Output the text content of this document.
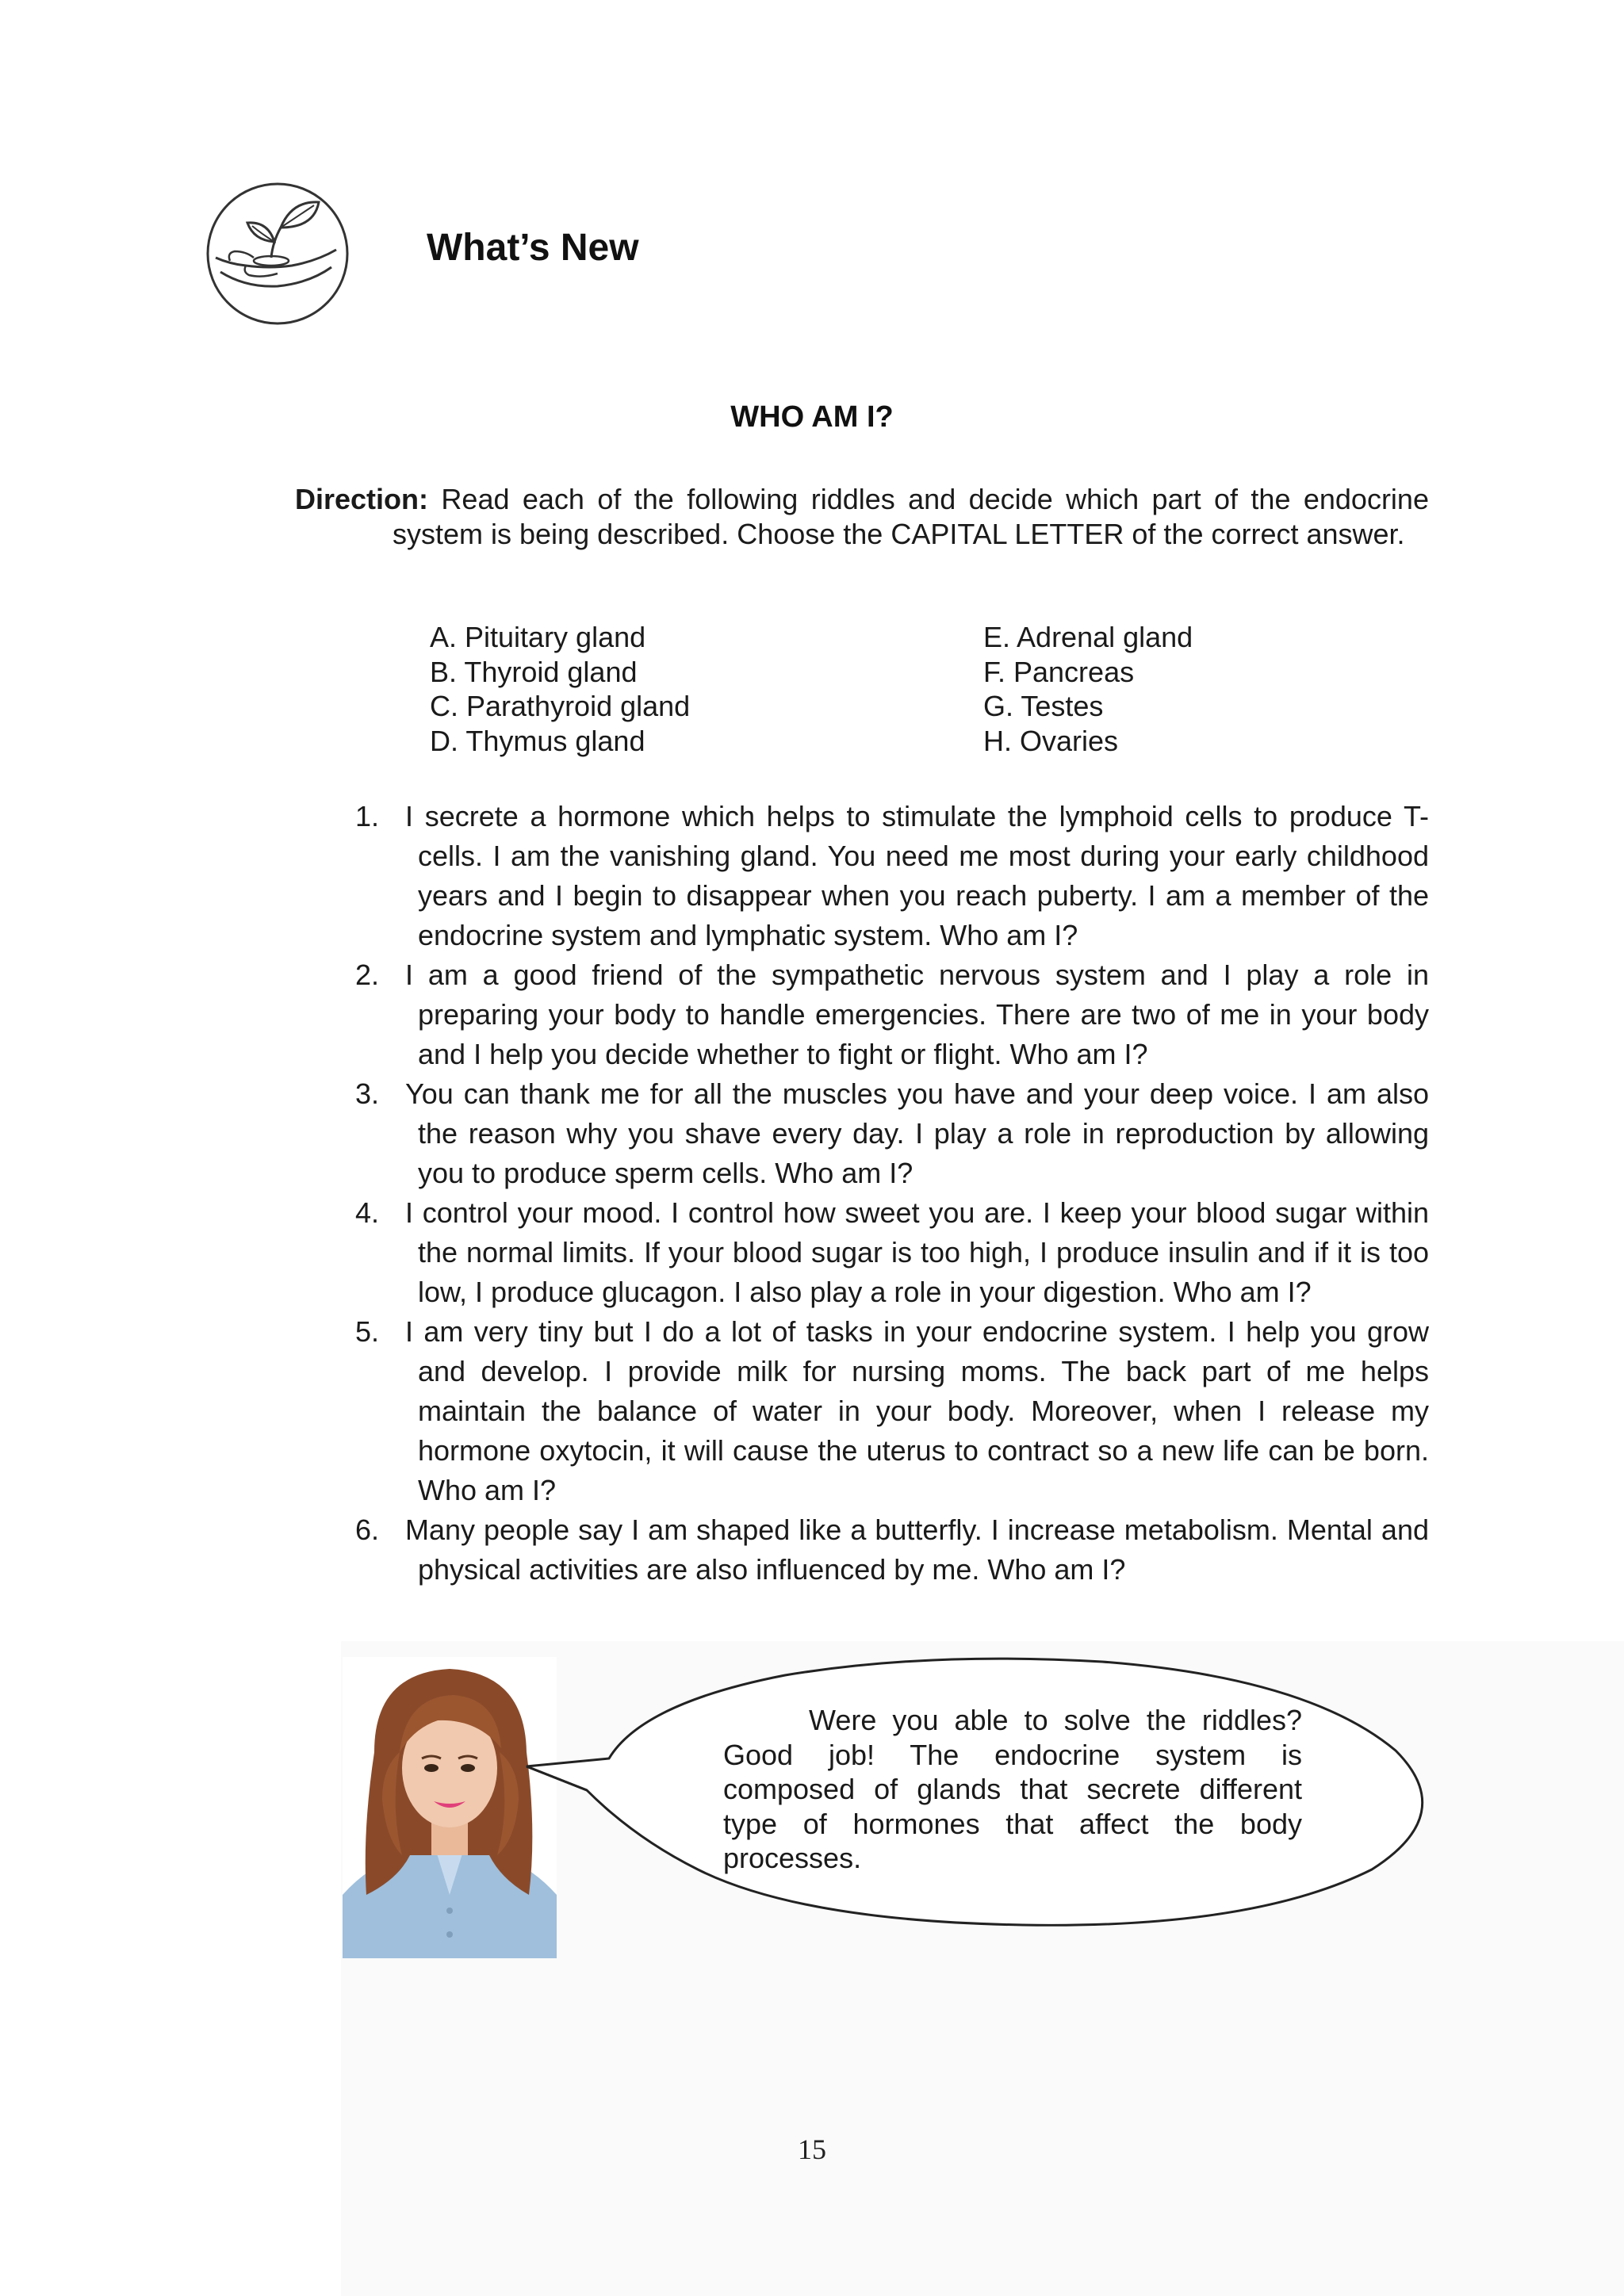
What’s New
WHO AM I?
Direction: Read each of the following riddles and decide which part of the endocrine system is being described. Choose the CAPITAL LETTER of the correct answer.
A. Pituitary gland
B. Thyroid gland
C. Parathyroid gland
D. Thymus gland
E. Adrenal gland
F. Pancreas
G. Testes
H. Ovaries
1. I secrete a hormone which helps to stimulate the lymphoid cells to produce T-cells. I am the vanishing gland. You need me most during your early childhood years and I begin to disappear when you reach puberty. I am a member of the endocrine system and lymphatic system. Who am I?
2. I am a good friend of the sympathetic nervous system and I play a role in preparing your body to handle emergencies. There are two of me in your body and I help you decide whether to fight or flight. Who am I?
3. You can thank me for all the muscles you have and your deep voice. I am also the reason why you shave every day. I play a role in reproduction by allowing you to produce sperm cells. Who am I?
4. I control your mood. I control how sweet you are. I keep your blood sugar within the normal limits. If your blood sugar is too high, I produce insulin and if it is too low, I produce glucagon. I also play a role in your digestion. Who am I?
5. I am very tiny but I do a lot of tasks in your endocrine system. I help you grow and develop. I provide milk for nursing moms. The back part of me helps maintain the balance of water in your body. Moreover, when I release my hormone oxytocin, it will cause the uterus to contract so a new life can be born. Who am I?
6. Many people say I am shaped like a butterfly. I increase metabolism. Mental and physical activities are also influenced by me. Who am I?
Were you able to solve the riddles? Good job! The endocrine system is composed of glands that secrete different type of hormones that affect the body processes.
15
